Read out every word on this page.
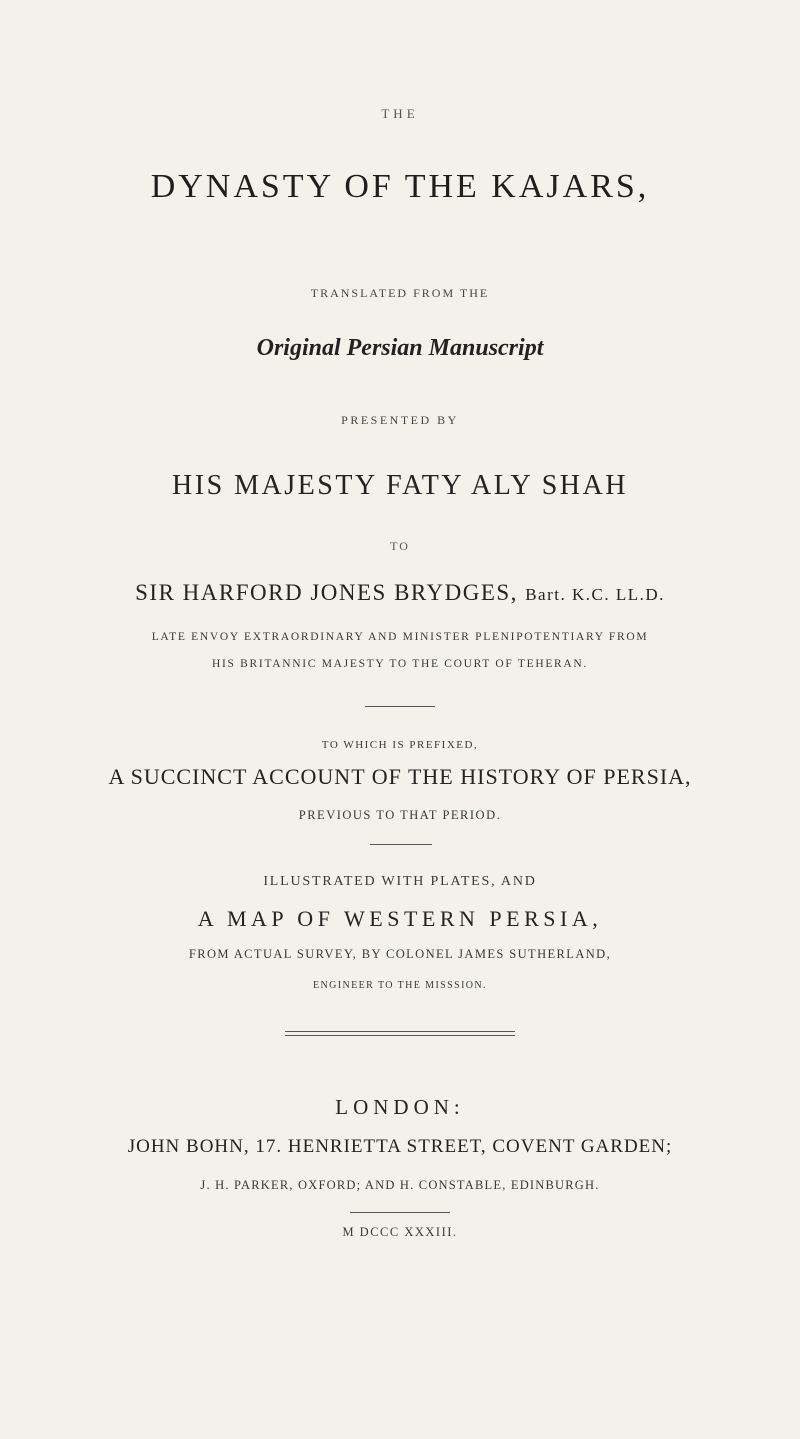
THE
DYNASTY OF THE KAJARS,
TRANSLATED FROM THE
Original Persian Manuscript
PRESENTED BY
HIS MAJESTY FATY ALY SHAH
TO
SIR HARFORD JONES BRYDGES, Bart. K.C. LL.D.
LATE ENVOY EXTRAORDINARY AND MINISTER PLENIPOTENTIARY FROM
HIS BRITANNIC MAJESTY TO THE COURT OF TEHERAN.
TO WHICH IS PREFIXED,
A SUCCINCT ACCOUNT OF THE HISTORY OF PERSIA,
PREVIOUS TO THAT PERIOD.
ILLUSTRATED WITH PLATES, AND
A MAP OF WESTERN PERSIA,
FROM ACTUAL SURVEY, BY COLONEL JAMES SUTHERLAND,
ENGINEER TO THE MISSSION.
LONDON:
JOHN BOHN, 17. HENRIETTA STREET, COVENT GARDEN;
J. H. PARKER, OXFORD; AND H. CONSTABLE, EDINBURGH.
M DCCC XXXIII.
